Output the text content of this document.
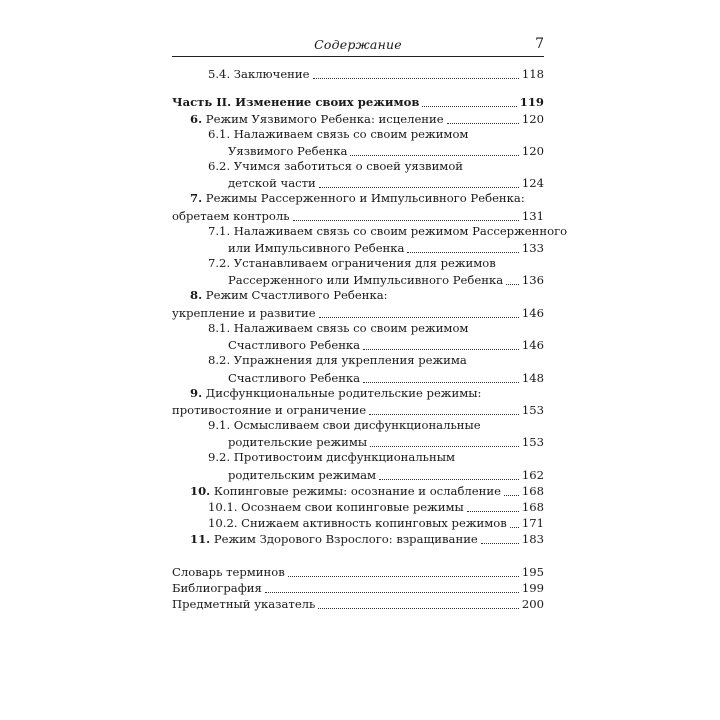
Содержание	7
5.4. Заключение	118
Часть II. Изменение своих режимов	119
6. Режим Уязвимого Ребенка: исцеление	120
6.1. Налаживаем связь со своим режимом
Уязвимого Ребенка	120
6.2. Учимся заботиться о своей уязвимой
детской части	124
7. Режимы Рассерженного и Импульсивного Ребенка:
обретаем контроль	131
7.1. Налаживаем связь со своим режимом Рассерженного
или Импульсивного Ребенка	133
7.2. Устанавливаем ограничения для режимов
Рассерженного или Импульсивного Ребенка 136
8. Режим Счастливого Ребенка:
укрепление и развитие	146
8.1. Налаживаем связь со своим режимом
Счастливого Ребенка	146
8.2. Упражнения для укрепления режима
Счастливого Ребенка	148
9. Дисфункциональные родительские режимы:
противостояние и ограничение	153
9.1. Осмысливаем свои дисфункциональные
родительские режимы	153
9.2. Противостоим дисфункциональным
родительским режимам	162
10. Копинговые режимы: осознание и ослабление 168
10.1. Осознаем свои копинговые режимы	168
10.2. Снижаем активность копинговых режимов 171
11. Режим Здорового Взрослого: взращивание	183
Словарь терминов	195
Библиография	199
Предметный указатель	200
